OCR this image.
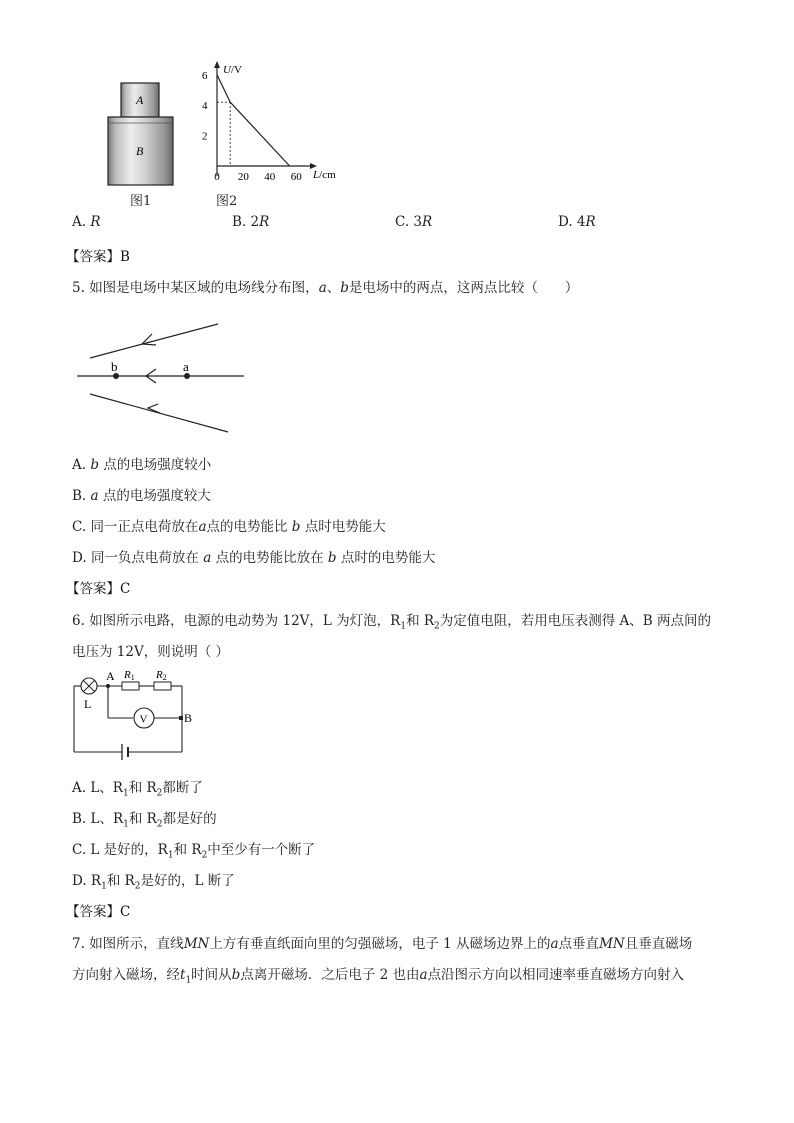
A
B
图1
U/V
L/cm
2
4
6
0 20 40 60
图2
A. R	B. 2R	C. 3R	D. 4R
【答案】B
5. 如图是电场中某区域的电场线分布图，a、b是电场中的两点，这两点比较（　　）
b	a
A. b 点的电场强度较小
B. a 点的电场强度较大
C. 同一正点电荷放在a点的电势能比 b 点时电势能大
D. 同一负点电荷放在 a 点的电势能比放在 b 点时的电势能大
【答案】C
6. 如图所示电路，电源的电动势为 12V，L 为灯泡，$R_1$和 $R_2$为定值电阻，若用电压表测得 A、B 两点间的
电压为 12V，则说明（ ）
V
A
B
L
R1 R2
A. L、$R_1$和 $R_2$都断了
B. L、$R_1$和 $R_2$都是好的
C. L 是好的，$R_1$和 $R_2$中至少有一个断了
D. $R_1$和 $R_2$是好的，L 断了
【答案】C
7. 如图所示，直线MN上方有垂直纸面向里的匀强磁场，电子 1 从磁场边界上的a点垂直MN且垂直磁场
方向射入磁场，经$t_1$时间从b点离开磁场．之后电子 2 也由a点沿图示方向以相同速率垂直磁场方向射入
